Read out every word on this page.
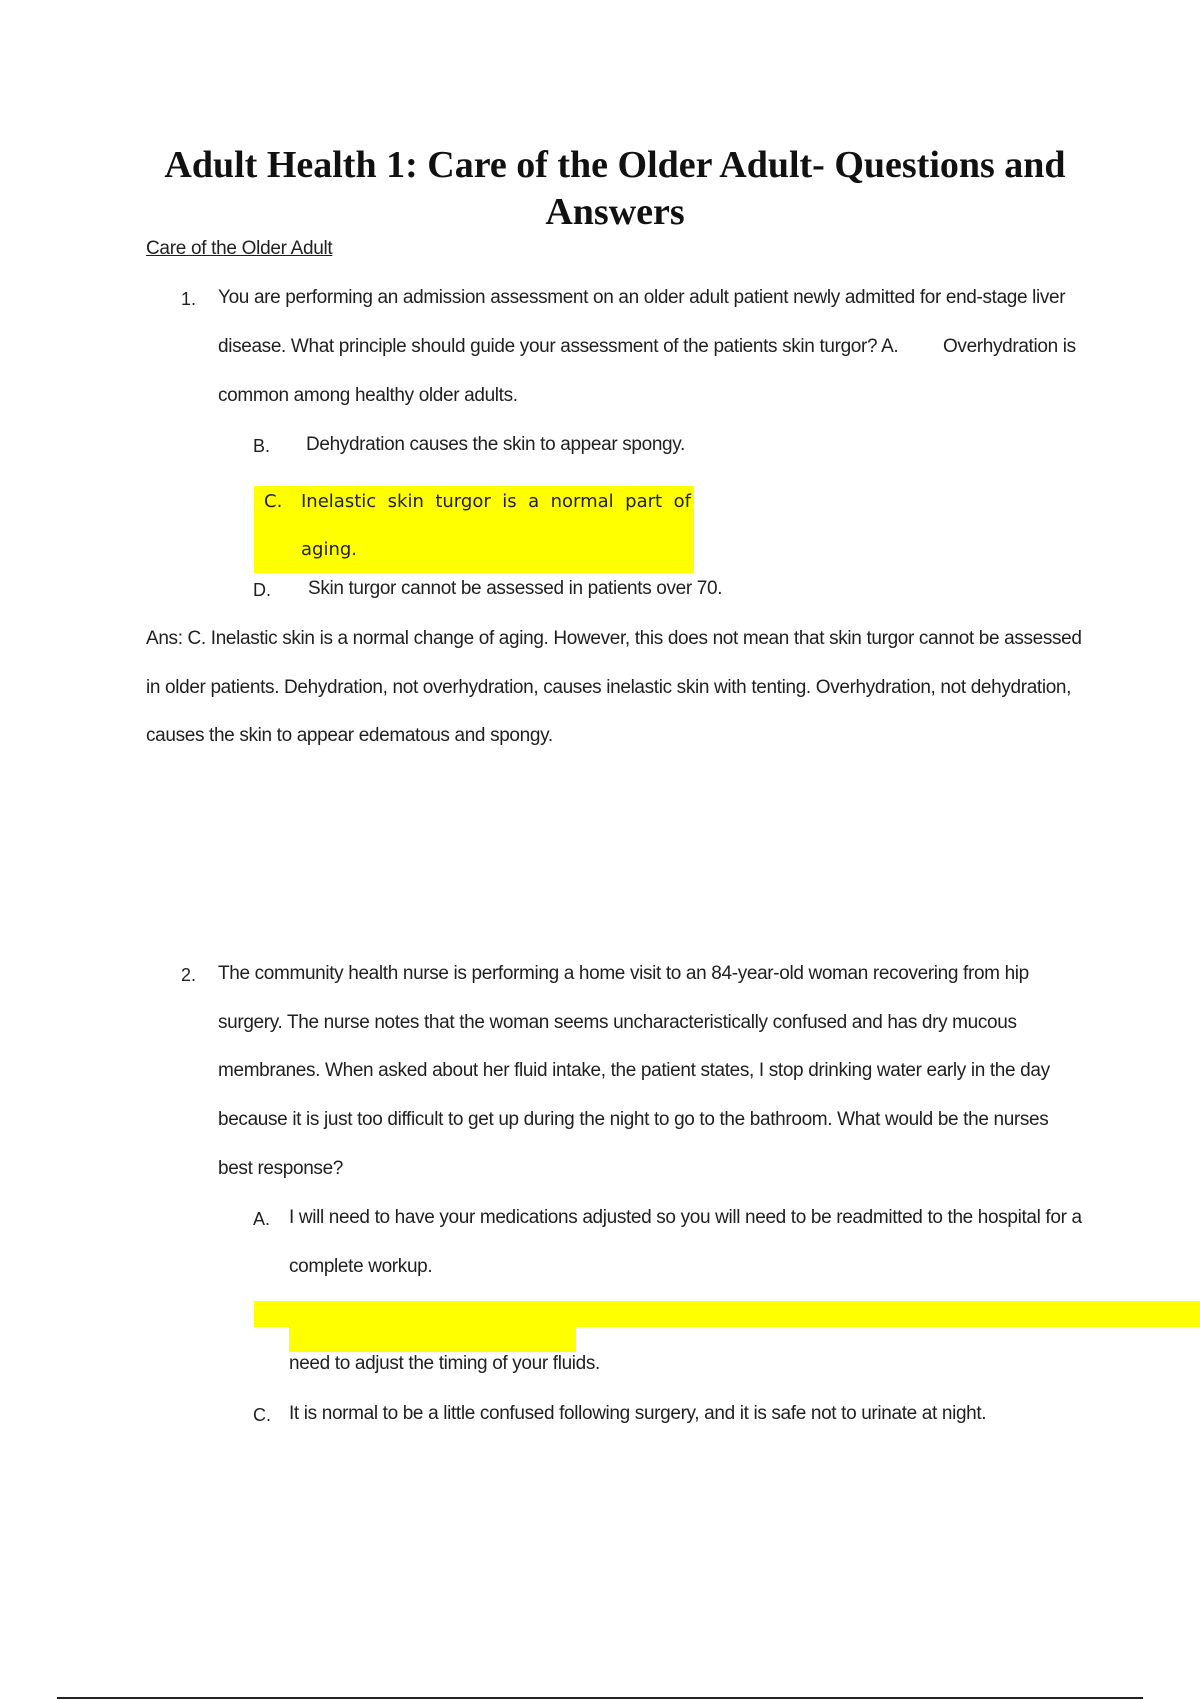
Adult Health 1: Care of the Older Adult- Questions and Answers

Care of the Older Adult

1. You are performing an admission assessment on an older adult patient newly admitted for end-stage liver
disease. What principle should guide your assessment of the patients skin turgor? A. Overhydration is
common among healthy older adults.
B. Dehydration causes the skin to appear spongy.
C. Inelastic skin turgor is a normal part of
aging.
D. Skin turgor cannot be assessed in patients over 70.
Ans: C. Inelastic skin is a normal change of aging. However, this does not mean that skin turgor cannot be assessed
in older patients. Dehydration, not overhydration, causes inelastic skin with tenting. Overhydration, not dehydration,
causes the skin to appear edematous and spongy.
2. The community health nurse is performing a home visit to an 84-year-old woman recovering from hip
surgery. The nurse notes that the woman seems uncharacteristically confused and has dry mucous
membranes. When asked about her fluid intake, the patient states, I stop drinking water early in the day
because it is just too difficult to get up during the night to go to the bathroom. What would be the nurses
best response?
A. I will need to have your medications adjusted so you will need to be readmitted to the hospital for a
complete workup.
need to adjust the timing of your fluids.
C. It is normal to be a little confused following surgery, and it is safe not to urinate at night.
